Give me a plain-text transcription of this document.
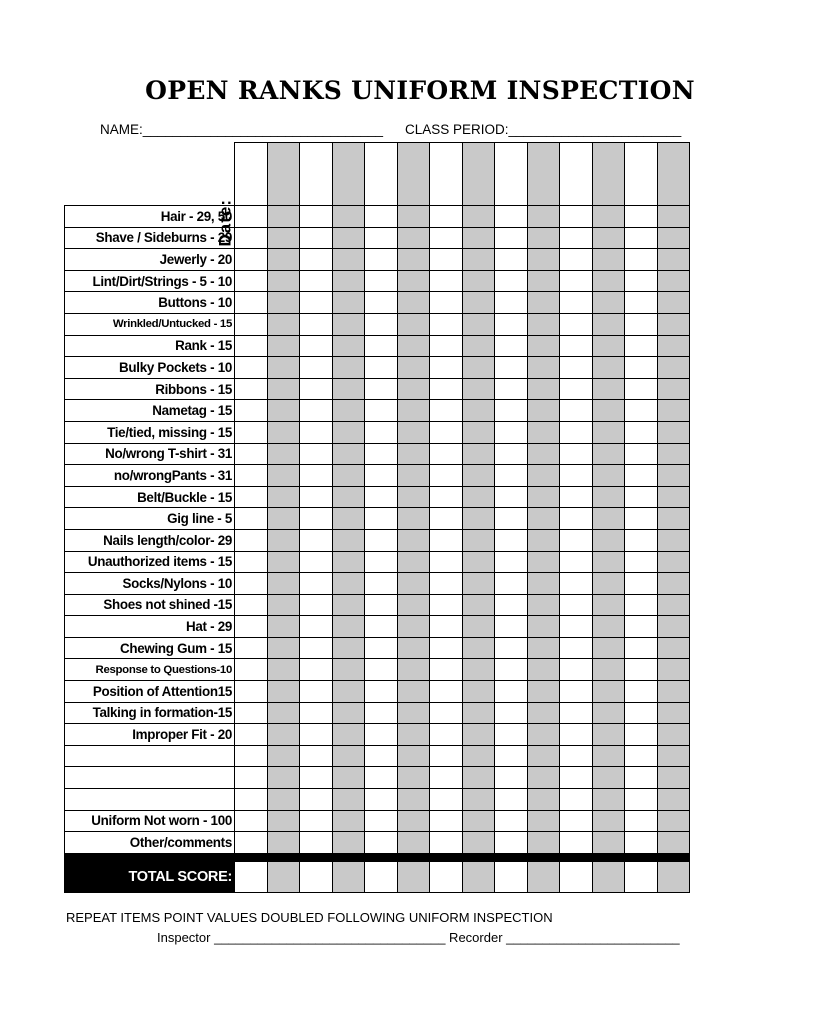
OPEN RANKS UNIFORM INSPECTION
NAME:________________________________ CLASS PERIOD:_______________________
Date:														

Hair - 29, 50														
Shave / Sideburns - 29														
Jewerly - 20														
Lint/Dirt/Strings - 5 - 10														
Buttons - 10														
Wrinkled/Untucked - 15														
Rank - 15														
Bulky Pockets - 10														
Ribbons - 15														
Nametag - 15														
Tie/tied, missing - 15														
No/wrong T-shirt - 31														
no/wrongPants - 31														
Belt/Buckle - 15														
Gig line - 5														
Nails length/color- 29														
Unauthorized items - 15														
Socks/Nylons - 10														
Shoes not shined -15														
Hat - 29														
Chewing Gum - 15														
Response to Questions-10														
Position of Attention15														
Talking in formation-15														
Improper Fit - 20														

Uniform Not worn - 100														
Other/comments														

TOTAL SCORE:														
REPEAT ITEMS POINT VALUES DOUBLED FOLLOWING UNIFORM INSPECTION
Inspector ________________________________ Recorder ________________________
